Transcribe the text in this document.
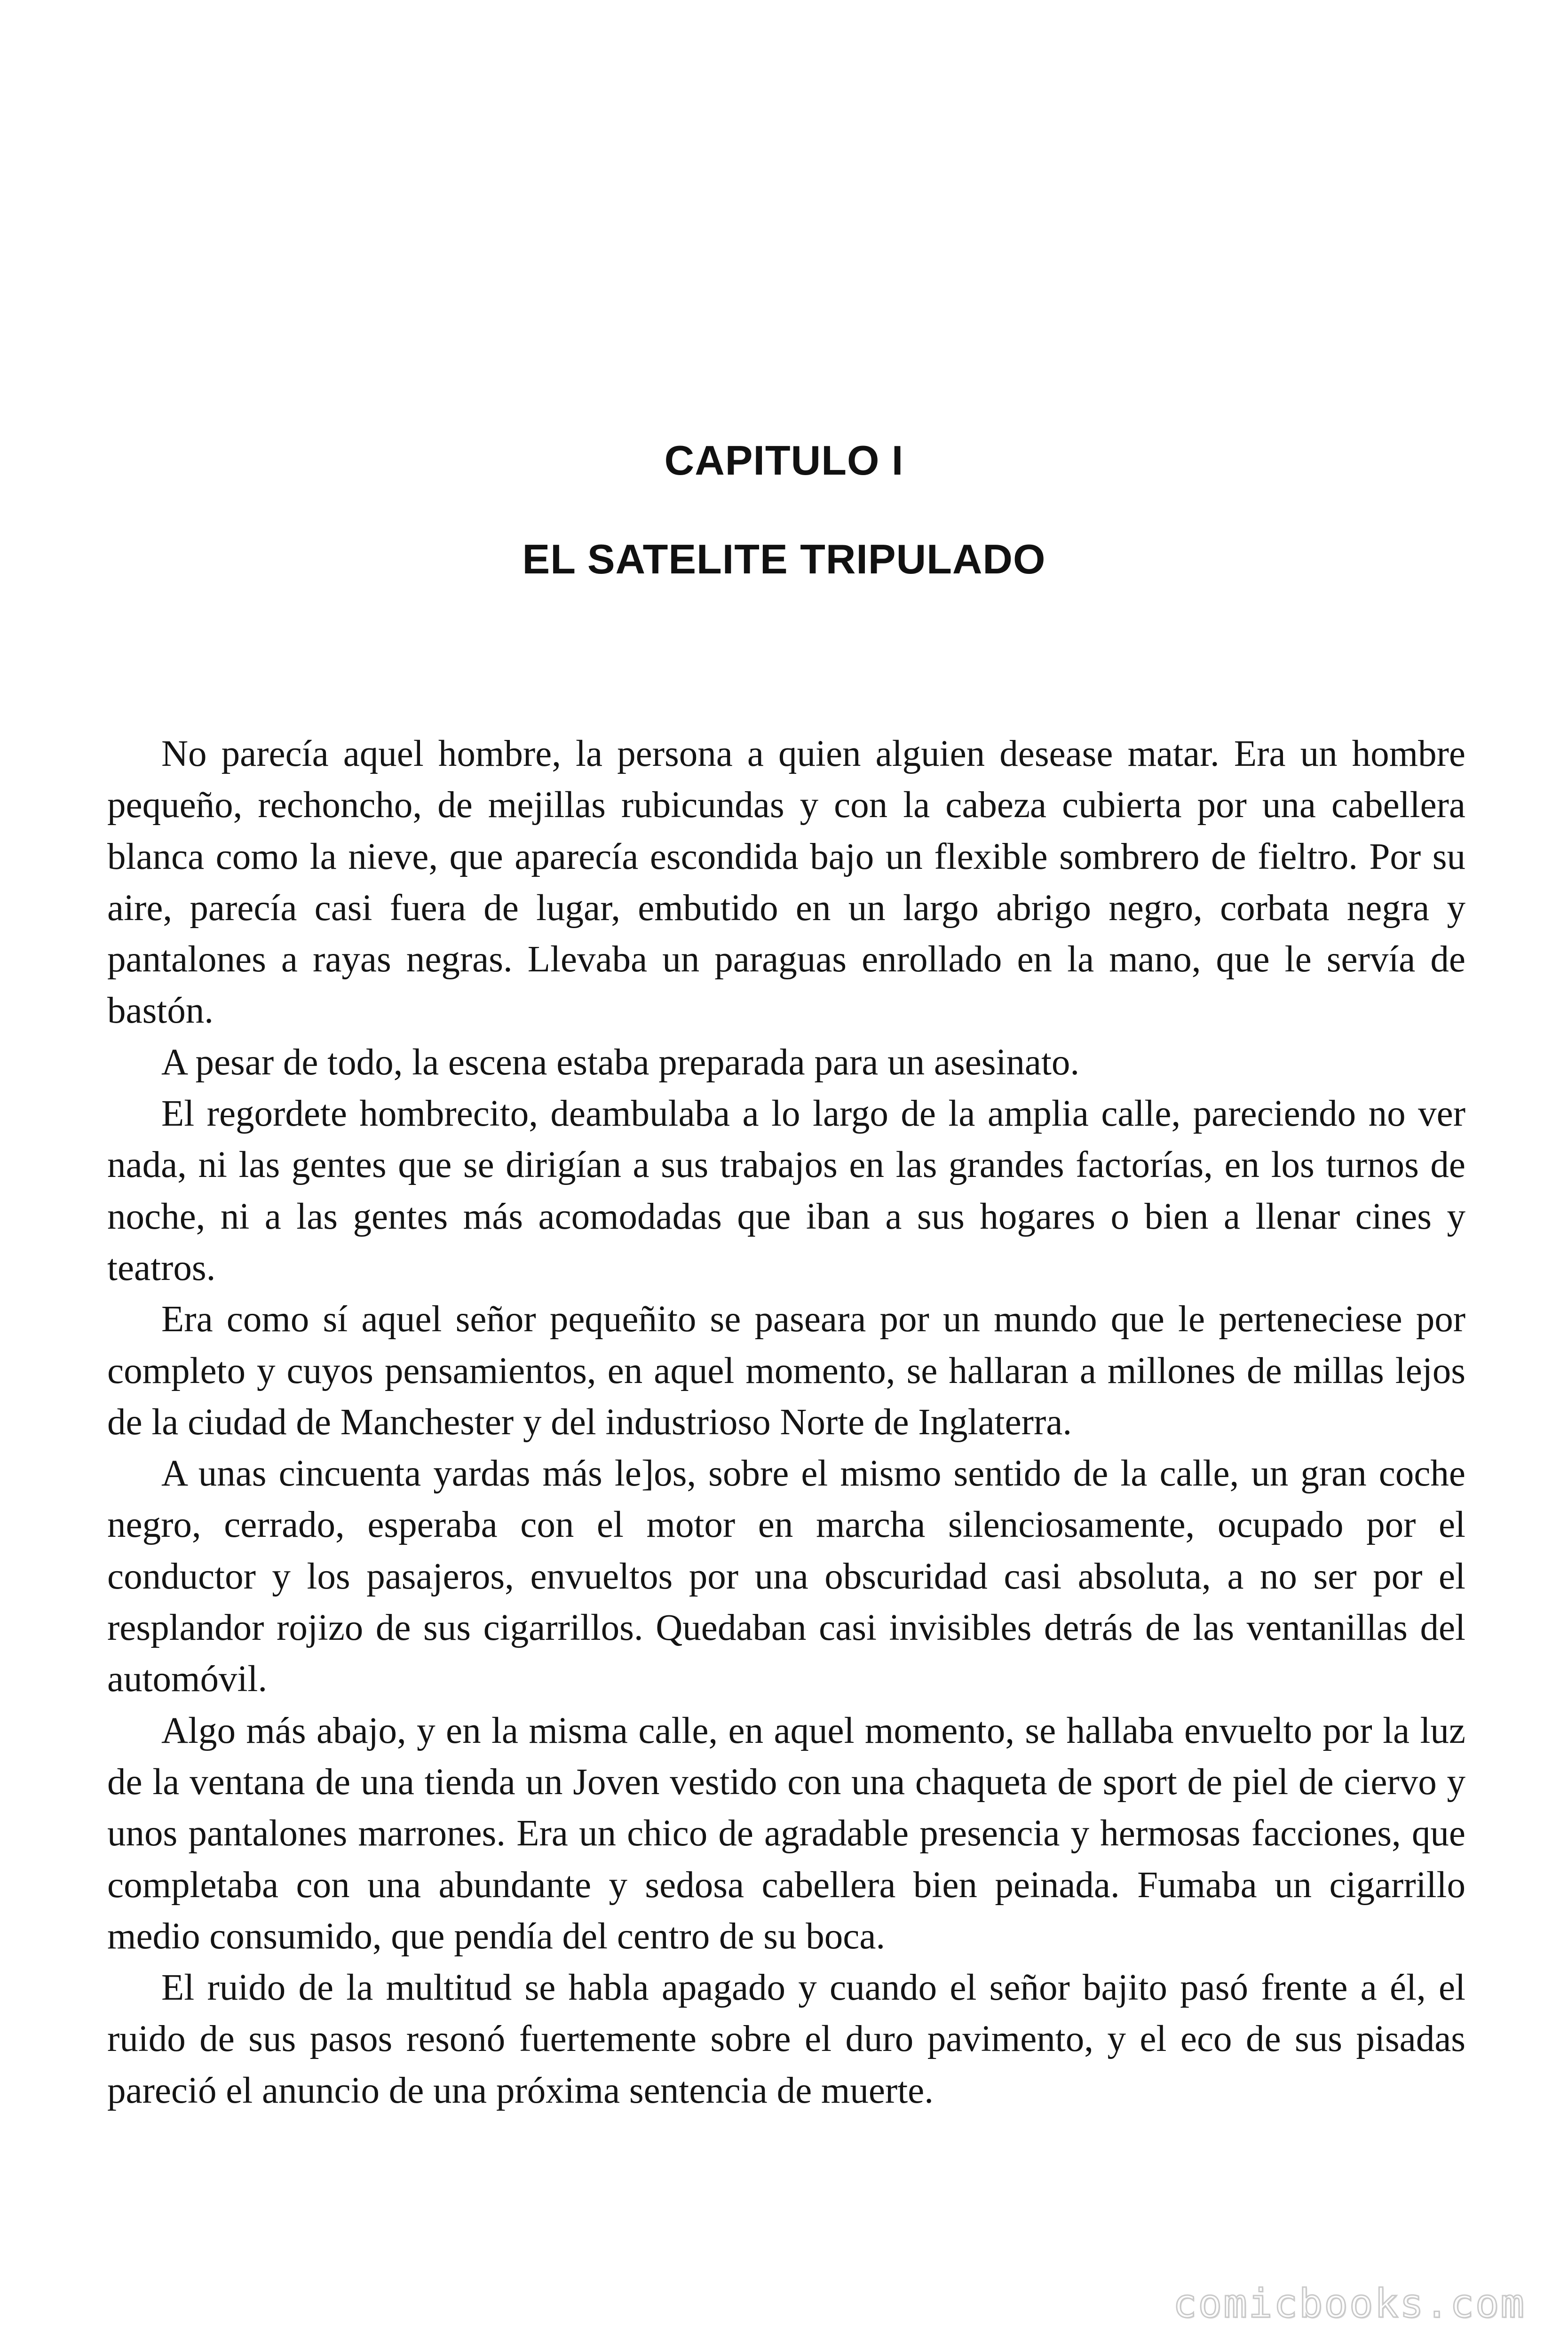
CAPITULO I
EL SATELITE TRIPULADO

No parecía aquel hombre, la persona a quien alguien desease matar. Era un hombre pequeño, rechoncho, de mejillas rubicundas y con la cabeza cubierta por una cabellera blanca como la nieve, que aparecía escondida bajo un flexible sombrero de fieltro. Por su aire, parecía casi fuera de lugar, embutido en un largo abrigo negro, corbata negra y pantalones a rayas negras. Llevaba un paraguas enrollado en la mano, que le servía de bastón.

A pesar de todo, la escena estaba preparada para un asesinato.

El regordete hombrecito, deambulaba a lo largo de la amplia calle, pareciendo no ver nada, ni las gentes que se dirigían a sus trabajos en las grandes factorías, en los turnos de noche, ni a las gentes más acomodadas que iban a sus hogares o bien a llenar cines y teatros.

Era como sí aquel señor pequeñito se paseara por un mundo que le perteneciese por completo y cuyos pensamientos, en aquel momento, se hallaran a millones de millas lejos de la ciudad de Manchester y del industrioso Norte de Inglaterra.

A unas cincuenta yardas más le]os, sobre el mismo sentido de la calle, un gran coche negro, cerrado, esperaba con el motor en marcha silenciosamente, ocupado por el conductor y los pasajeros, envueltos por una obscuridad casi absoluta, a no ser por el resplandor rojizo de sus cigarrillos. Quedaban casi invisibles detrás de las ventanillas del automóvil.

Algo más abajo, y en la misma calle, en aquel momento, se hallaba envuelto por la luz de la ventana de una tienda un Joven vestido con una chaqueta de sport de piel de ciervo y unos pantalones marrones. Era un chico de agradable presencia y hermosas facciones, que completaba con una abundante y sedosa cabellera bien peinada. Fumaba un cigarrillo medio consumido, que pendía del centro de su boca.

El ruido de la multitud se habla apagado y cuando el señor bajito pasó frente a él, el ruido de sus pasos resonó fuertemente sobre el duro pavimento, y el eco de sus pisadas pareció el anuncio de una próxima sentencia de muerte.

comicbooks.com
